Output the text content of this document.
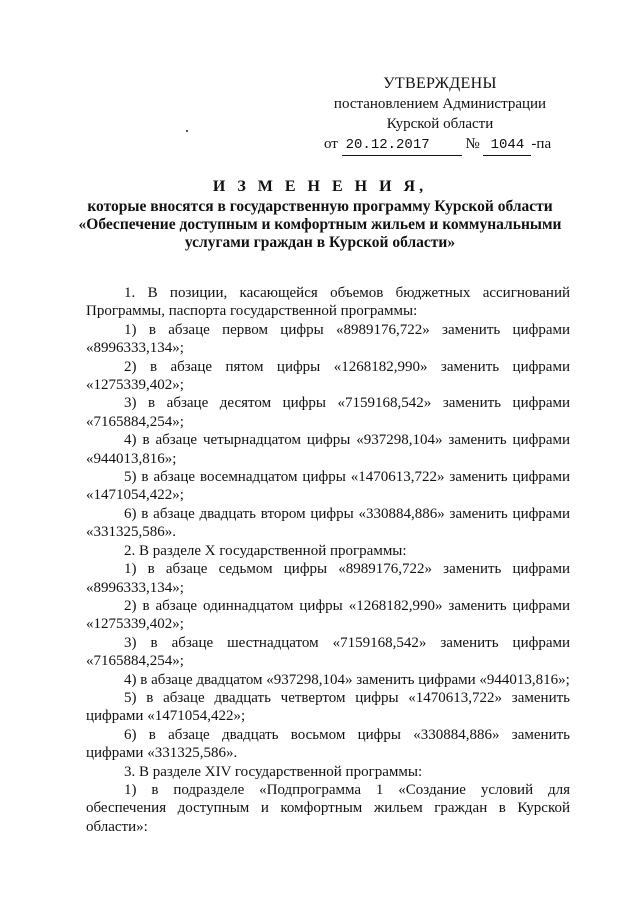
УТВЕРЖДЕНЫ
постановлением Администрации
Курской области
от 20.12.2017 № 1044 -па
И З М Е Н Е Н И Я,
которые вносятся в государственную программу Курской области
«Обеспечение доступным и комфортным жильем и коммунальными
услугами граждан в Курской области»

1. В позиции, касающейся объемов бюджетных ассигнований Программы, паспорта государственной программы:

1) в абзаце первом цифры «8989176,722» заменить цифрами «8996333,134»;

2) в абзаце пятом цифры «1268182,990» заменить цифрами «1275339,402»;

3) в абзаце десятом цифры «7159168,542» заменить цифрами «7165884,254»;

4) в абзаце четырнадцатом цифры «937298,104» заменить цифрами «944013,816»;

5) в абзаце восемнадцатом цифры «1470613,722» заменить цифрами «1471054,422»;

6) в абзаце двадцать втором цифры «330884,886» заменить цифрами «331325,586».

2. В разделе X государственной программы:

1) в абзаце седьмом цифры «8989176,722» заменить цифрами «8996333,134»;

2) в абзаце одиннадцатом цифры «1268182,990» заменить цифрами «1275339,402»;

3) в абзаце шестнадцатом «7159168,542» заменить цифрами «7165884,254»;

4) в абзаце двадцатом «937298,104» заменить цифрами «944013,816»;

5) в абзаце двадцать четвертом цифры «1470613,722» заменить цифрами «1471054,422»;

6) в абзаце двадцать восьмом цифры «330884,886» заменить цифрами «331325,586».

3. В разделе XIV государственной программы:

1) в подразделе «Подпрограмма 1 «Создание условий для обеспечения доступным и комфортным жильем граждан в Курской области»:
